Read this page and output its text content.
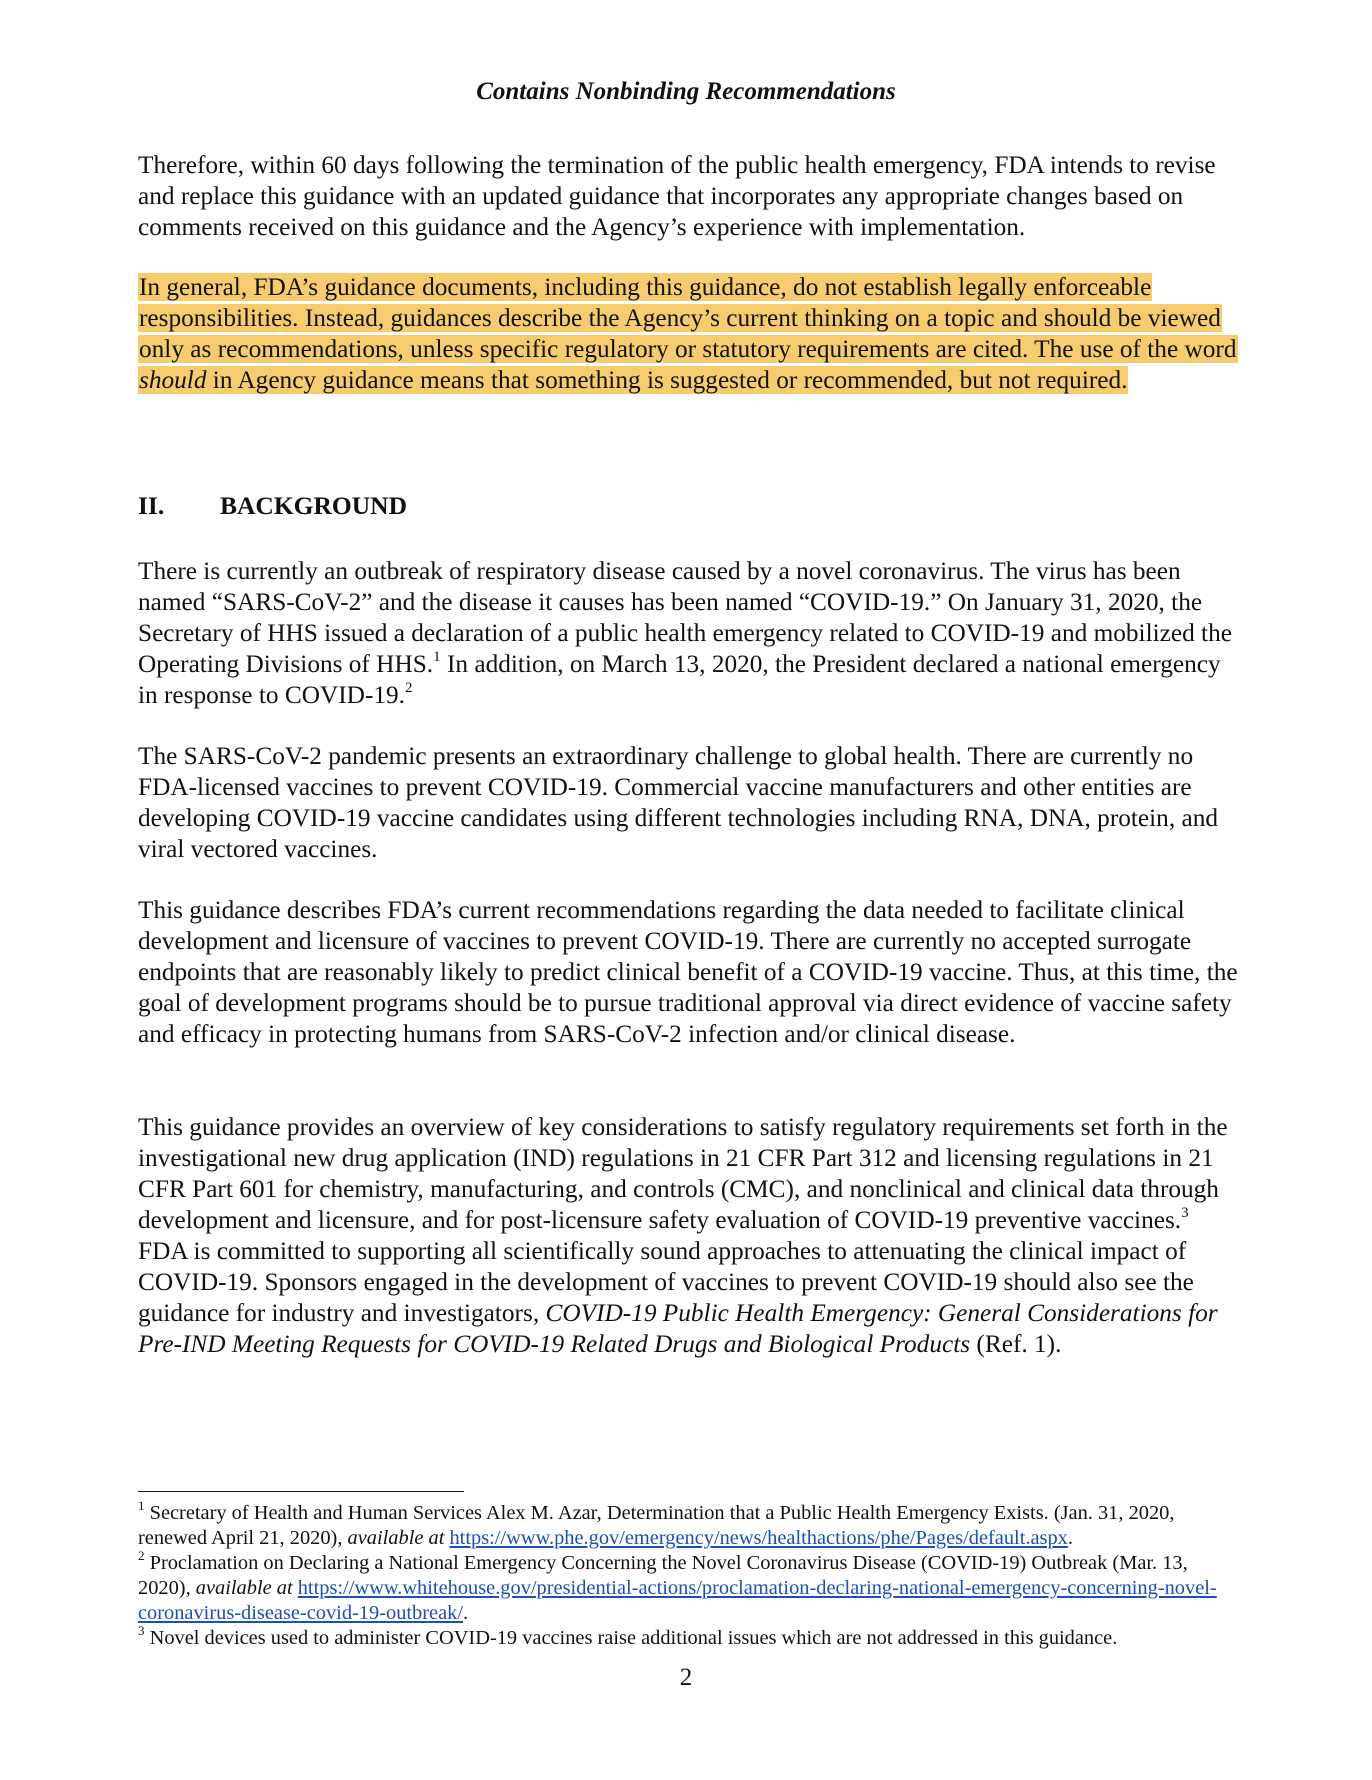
Contains Nonbinding Recommendations

Therefore, within 60 days following the termination of the public health emergency, FDA intends to revise and replace this guidance with an updated guidance that incorporates any appropriate changes based on comments received on this guidance and the Agency’s experience with implementation.

In general, FDA’s guidance documents, including this guidance, do not establish legally enforceable responsibilities. Instead, guidances describe the Agency’s current thinking on a topic and should be viewed only as recommendations, unless specific regulatory or statutory requirements are cited. The use of the word should in Agency guidance means that something is suggested or recommended, but not required.

II. BACKGROUND

There is currently an outbreak of respiratory disease caused by a novel coronavirus. The virus has been named “SARS-CoV-2” and the disease it causes has been named “COVID-19.” On January 31, 2020, the Secretary of HHS issued a declaration of a public health emergency related to COVID-19 and mobilized the Operating Divisions of HHS.$^1$ In addition, on March 13, 2020, the President declared a national emergency in response to COVID-19.$^2$

The SARS-CoV-2 pandemic presents an extraordinary challenge to global health. There are currently no FDA-licensed vaccines to prevent COVID-19. Commercial vaccine manufacturers and other entities are developing COVID-19 vaccine candidates using different technologies including RNA, DNA, protein, and viral vectored vaccines.

This guidance describes FDA’s current recommendations regarding the data needed to facilitate clinical development and licensure of vaccines to prevent COVID-19. There are currently no accepted surrogate endpoints that are reasonably likely to predict clinical benefit of a COVID-19 vaccine. Thus, at this time, the goal of development programs should be to pursue traditional approval via direct evidence of vaccine safety and efficacy in protecting humans from SARS-CoV-2 infection and/or clinical disease.

This guidance provides an overview of key considerations to satisfy regulatory requirements set forth in the investigational new drug application (IND) regulations in 21 CFR Part 312 and licensing regulations in 21 CFR Part 601 for chemistry, manufacturing, and controls (CMC), and nonclinical and clinical data through development and licensure, and for post-licensure safety evaluation of COVID-19 preventive vaccines.$^3$ FDA is committed to supporting all scientifically sound approaches to attenuating the clinical impact of COVID-19. Sponsors engaged in the development of vaccines to prevent COVID-19 should also see the guidance for industry and investigators, COVID-19 Public Health Emergency: General Considerations for Pre-IND Meeting Requests for COVID-19 Related Drugs and Biological Products (Ref. 1).

$^1$ Secretary of Health and Human Services Alex M. Azar, Determination that a Public Health Emergency Exists. (Jan. 31, 2020, renewed April 21, 2020), available at https://www.phe.gov/emergency/news/healthactions/phe/Pages/default.aspx.

$^2$ Proclamation on Declaring a National Emergency Concerning the Novel Coronavirus Disease (COVID-19) Outbreak (Mar. 13, 2020), available at https://www.whitehouse.gov/presidential-actions/proclamation-declaring-national-emergency-concerning-novel-coronavirus-disease-covid-19-outbreak/.

$^3$ Novel devices used to administer COVID-19 vaccines raise additional issues which are not addressed in this guidance.

2
